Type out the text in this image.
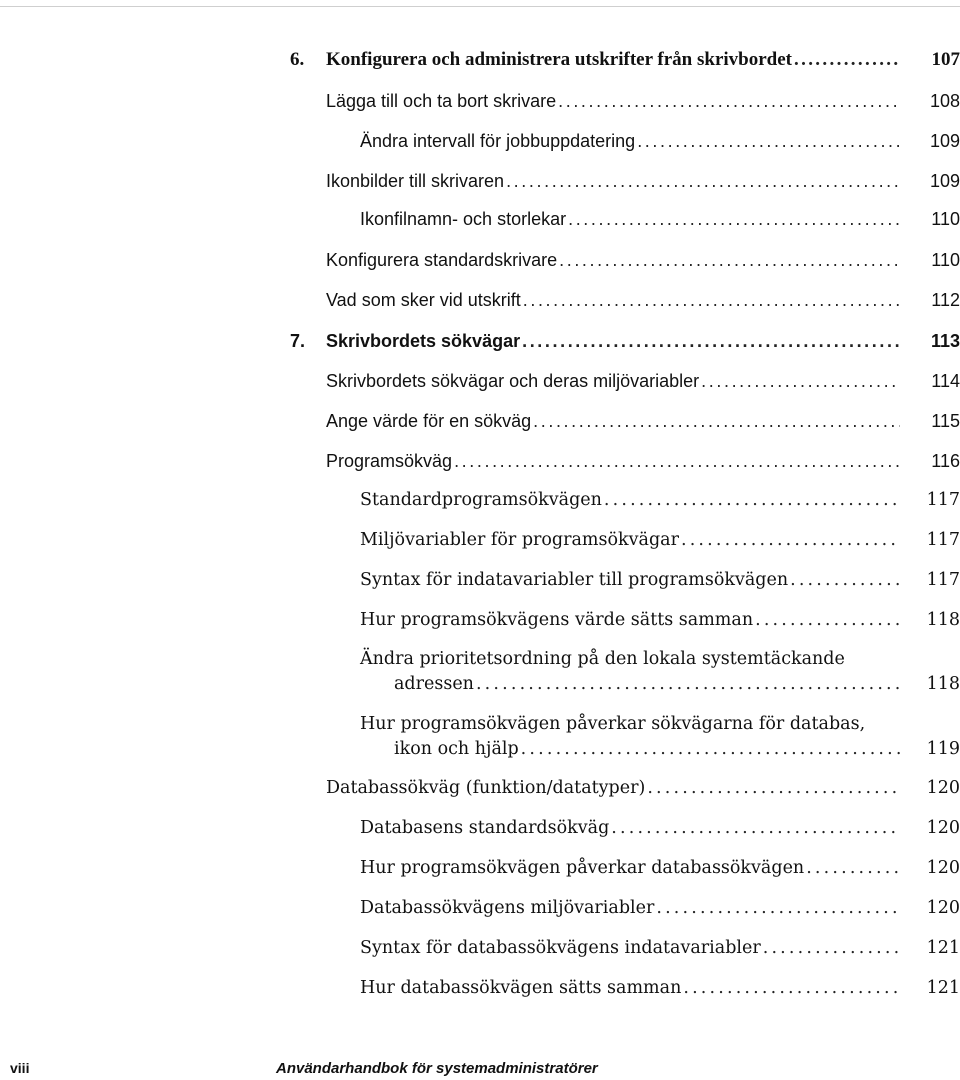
6. Konfigurera och administrera utskrifter från skrivbordet . . .	107
Lägga till och ta bort skrivare . . .	108
Ändra intervall för jobbuppdatering . . .	109
Ikonbilder till skrivaren . . .	109
Ikonfilnamn- och storlekar . . .	110
Konfigurera standardskrivare . . .	110
Vad som sker vid utskrift . . .	112
7. Skrivbordets sökvägar . . .	113
Skrivbordets sökvägar och deras miljövariabler . . .	114
Ange värde för en sökväg . . .	115
Programsökväg . . .	116
Standardprogramsökvägen . . .	117
Miljövariabler för programsökvägar . . .	117
Syntax för indatavariabler till programsökvägen . . .	117
Hur programsökvägens värde sätts samman . . .	118
Ändra prioritetsordning på den lokala systemtäckande
adressen . . .	118
Hur programsökvägen påverkar sökvägarna för databas,
ikon och hjälp . . .	119
Databassökväg (funktion/datatyper) . . .	120
Databasens standardsökväg . . .	120
Hur programsökvägen påverkar databassökvägen . . .	120
Databassökvägens miljövariabler . . .	120
Syntax för databassökvägens indatavariabler . . .	121
Hur databassökvägen sätts samman . . .	121
viii	Användarhandbok för systemadministratörer
